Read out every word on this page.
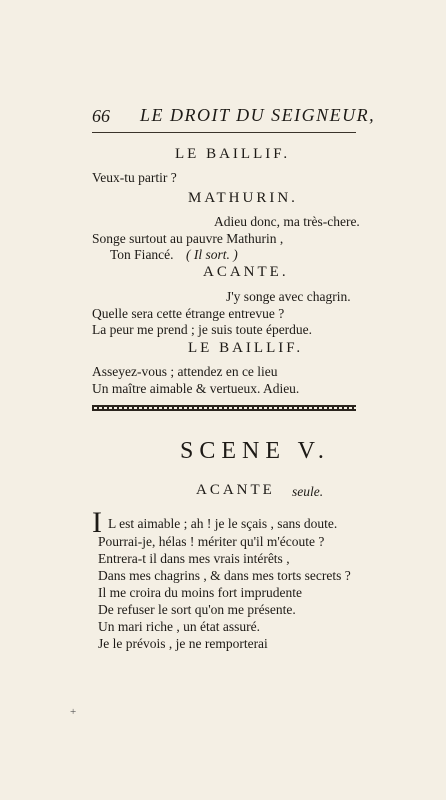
66 LE DROIT DU SEIGNEUR,
LE BAILLIF.
Veux-tu partir ?
MATHURIN.
Adieu donc, ma très-chere.
Songe surtout au pauvre Mathurin ,
Ton Fiancé. ( Il sort. )
ACANTE.
J'y songe avec chagrin.
Quelle sera cette étrange entrevue ?
La peur me prend ; je suis toute éperdue.
LE BAILLIF.
Asseyez-vous ; attendez en ce lieu
Un maître aimable & vertueux. Adieu.
SCENE V.
ACANTE seule.
I L est aimable ; ah ! je le sçais , sans doute.
Pourrai-je, hélas ! mériter qu'il m'écoute ?
Entrera-t il dans mes vrais intérêts ,
Dans mes chagrins , & dans mes torts secrets ?
Il me croira du moins fort imprudente
De refuser le sort qu'on me présente.
Un mari riche , un état assuré.
Je le prévois , je ne remporterai
+
